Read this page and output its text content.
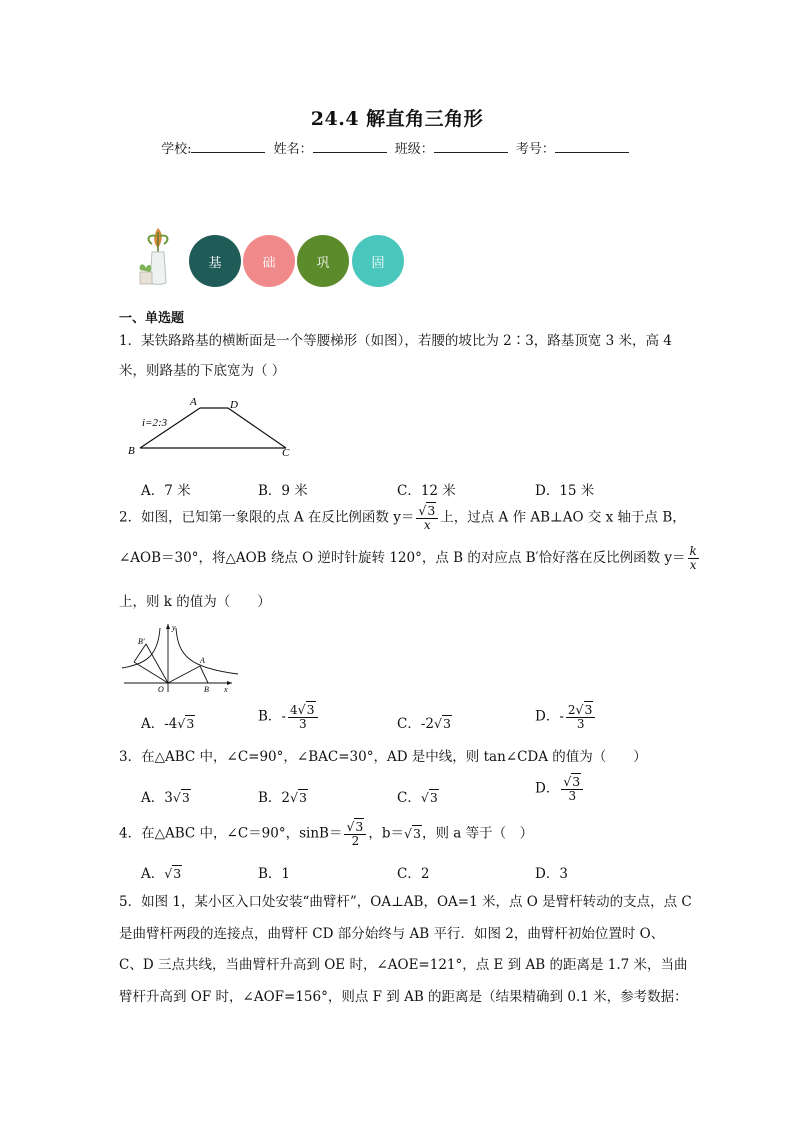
24.4 解直角三角形
学校:	姓名：	班级：	考号：
基	础	巩	固
一、单选题
1．某铁路路基的横断面是一个等腰梯形（如图），若腰的坡比为 2∶3，路基顶宽 3 米，高 4
米，则路基的下底宽为（ ）
A	D
B	C
i=2:3
A．7 米	B．9 米	C．12 米	D．15 米
2．如图，已知第一象限的点 A 在反比例函数 $y= \frac{√3}{x}$ 上，过点 A 作 AB⊥AO 交 x 轴于点 B，
∠AOB＝30°，将△AOB 绕点 O 逆时针旋转 120°，点 B 的对应点 B′恰好落在反比例函数 $y= \frac{k}{x}$
上，则 k 的值为（　　）
y
x
O
A
B
B′
A．-4√3	B．- $\frac{4√3}{3}$	C．-2√3	D．- $\frac{2√3}{3}$
3．在△ABC 中，∠C=90°，∠BAC=30°，AD 是中线，则 tan∠CDA 的值为（　　）
A．3√3	B．2√3	C．√3
D． $\frac{√3}{3}$
4．在△ABC 中，∠C＝90°，$\sin B= \frac{√3}{2}$ ，b＝√3，则 a 等于（　）
A．√3	B．1	C．2	D．3
5．如图 1，某小区入口处安装“曲臂杆”，OA⊥AB，OA=1 米，点 O 是臂杆转动的支点，点 C
是曲臂杆两段的连接点，曲臂杆 CD 部分始终与 AB 平行．如图 2，曲臂杆初始位置时 O、
C、D 三点共线，当曲臂杆升高到 OE 时，∠AOE=121°，点 E 到 AB 的距离是 1.7 米，当曲
臂杆升高到 OF 时，∠AOF=156°，则点 F 到 AB 的距离是（结果精确到 0.1 米，参考数据：
